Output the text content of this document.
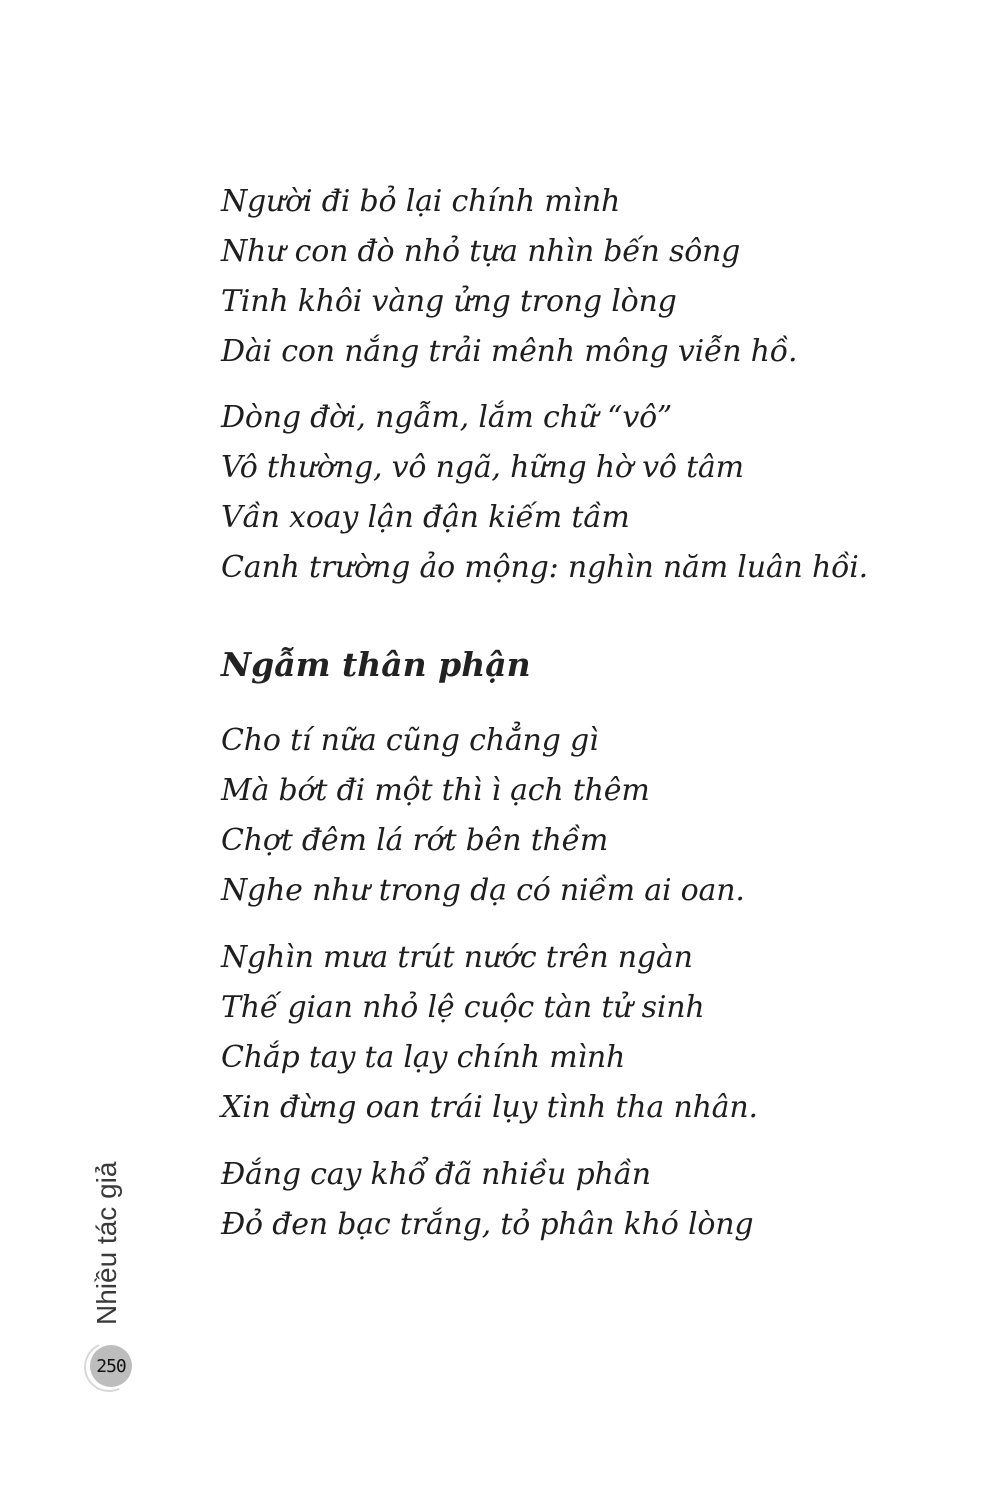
Người đi bỏ lại chính mình
Như con đò nhỏ tựa nhìn bến sông
Tinh khôi vàng ửng trong lòng
Dài con nắng trải mênh mông viễn hồ.
Dòng đời, ngẫm, lắm chữ “vô”
Vô thường, vô ngã, hững hờ vô tâm
Vần xoay lận đận kiếm tầm
Canh trường ảo mộng: nghìn năm luân hồi.
Ngẫm thân phận
Cho tí nữa cũng chẳng gì
Mà bớt đi một thì ì ạch thêm
Chợt đêm lá rớt bên thềm
Nghe như trong dạ có niềm ai oan.
Nghìn mưa trút nước trên ngàn
Thế gian nhỏ lệ cuộc tàn tử sinh
Chắp tay ta lạy chính mình
Xin đừng oan trái lụy tình tha nhân.
Đắng cay khổ đã nhiều phần
Đỏ đen bạc trắng, tỏ phân khó lòng
Nhiều tác giả
250
